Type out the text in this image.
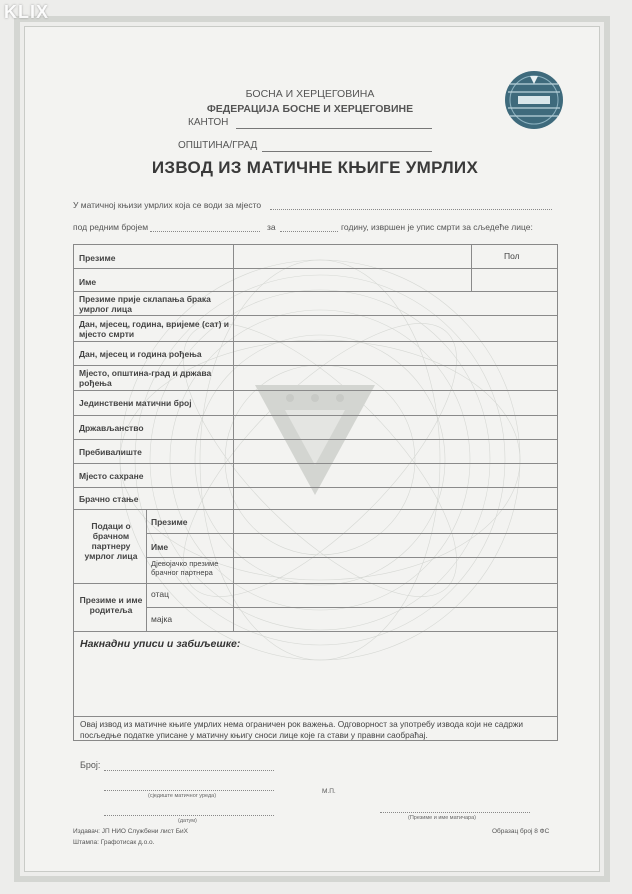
KLIX
БОСНА И ХЕРЦЕГОВИНА
ФЕДЕРАЦИЈА БОСНЕ И ХЕРЦЕГОВИНЕ
КАНТОН
ОПШТИНА/ГРАД
ИЗВОД ИЗ МАТИЧНЕ КЊИГЕ УМРЛИХ
У матичној књизи умрлих која се води за мјесто
под редним бројем	за	годину, извршен је упис смрти за сљедеће лице:
Презиме	Пол
Име
Презиме прије склапања брака умрлог лица
Дан, мјесец, година, вријеме (сат) и мјесто смрти
Дан, мјесец и година рођења
Мјесто, општина-град и држава рођења
Јединствени матични број
Држављанство
Пребивалиште
Мјесто сахране
Брачно стање
Подаци о брачном партнеру умрлог лица
Презиме
Име
Дјевојачко презиме брачног партнера
Презиме и име родитеља
отац
мајка
Накнадни уписи и забиљешке:
Овај извод из матичне књиге умрлих нема ограничен рок важења. Одговорност за употребу извода који не садржи посљедње податке уписане у матичну књигу сноси лице које га стави у правни саобраћај.
Број:
(сједиште матичног уреда)
М.П.
(датум)	(Презиме и име матичара)
Издавач: ЈП НИО Службени лист БиХ
Штампа: Графотисак д.о.о.
Образац број 8 ФС
